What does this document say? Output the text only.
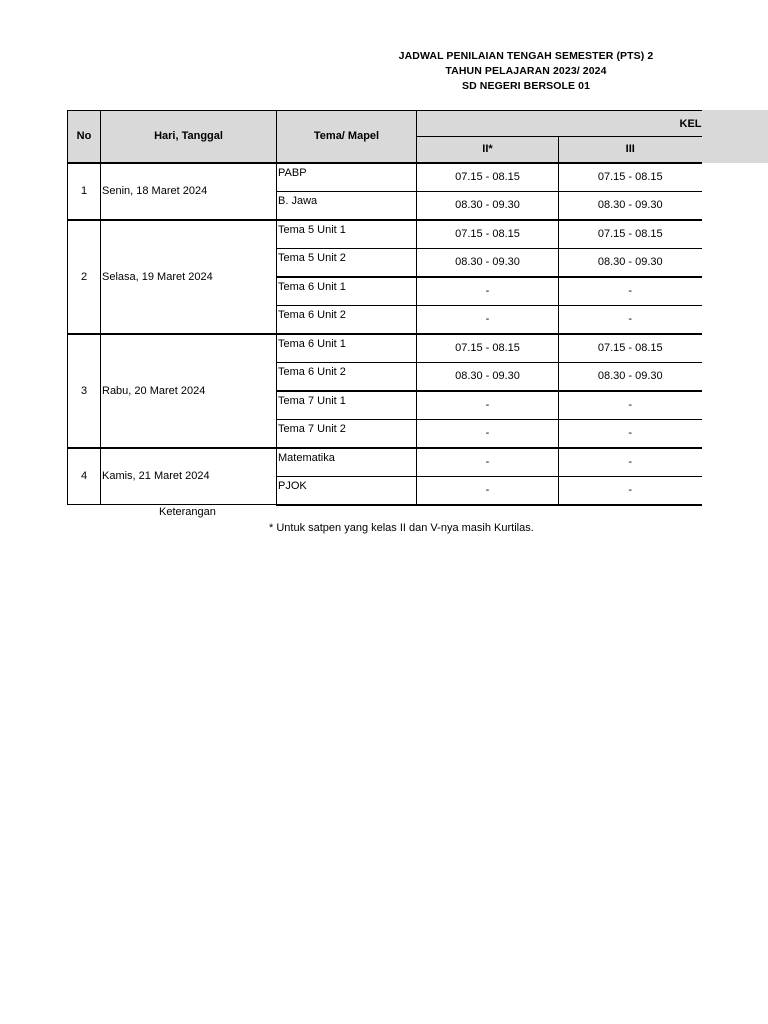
JADWAL PENILAIAN TENGAH SEMESTER (PTS) 2
TAHUN PELAJARAN 2023/ 2024
SD NEGERI BERSOLE 01
No	Hari, Tanggal	Tema/ Mapel	KEL	
			II*	III
1	Senin, 18 Maret 2024	PABP	07.15 - 08.15	07.15 - 08.15
		B. Jawa	08.30 - 09.30	08.30 - 09.30
2	Selasa, 19 Maret 2024	Tema 5 Unit 1	07.15 - 08.15	07.15 - 08.15
		Tema 5 Unit 2	08.30 - 09.30	08.30 - 09.30
		Tema 6 Unit 1	-	-
		Tema 6 Unit 2	-	-
3	Rabu, 20 Maret 2024	Tema 6 Unit 1	07.15 - 08.15	07.15 - 08.15
		Tema 6 Unit 2	08.30 - 09.30	08.30 - 09.30
		Tema 7 Unit 1	-	-
		Tema 7 Unit 2	-	-
4	Kamis, 21 Maret 2024	Matematika	-	-
		PJOK	-	-
Keterangan
* Untuk satpen yang kelas II dan V-nya masih Kurtilas.
